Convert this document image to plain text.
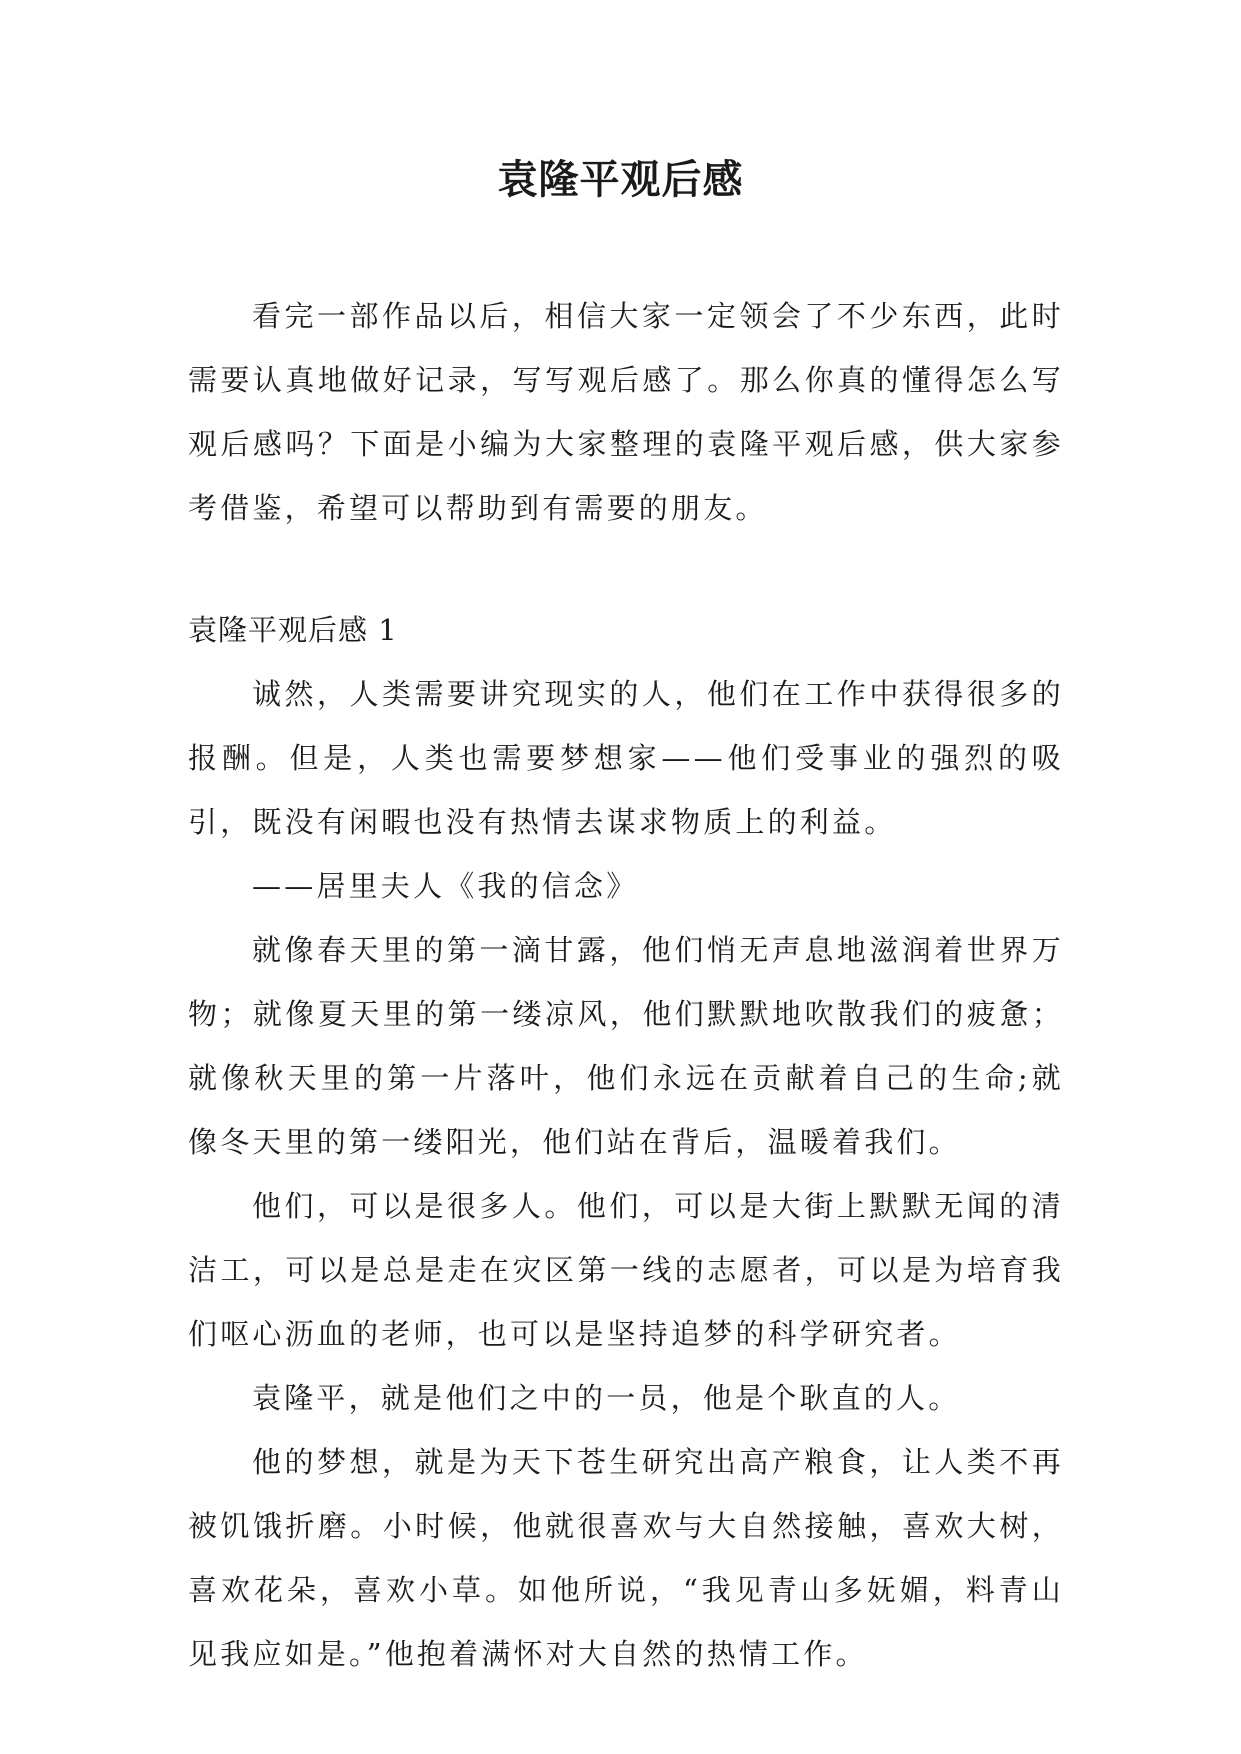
袁隆平观后感

看完一部作品以后，相信大家一定领会了不少东西，此时需要认真地做好记录，写写观后感了。那么你真的懂得怎么写观后感吗？下面是小编为大家整理的袁隆平观后感，供大家参考借鉴，希望可以帮助到有需要的朋友。

袁隆平观后感 1

诚然，人类需要讲究现实的人，他们在工作中获得很多的报酬。但是，人类也需要梦想家——他们受事业的强烈的吸引，既没有闲暇也没有热情去谋求物质上的利益。

——居里夫人《我的信念》

就像春天里的第一滴甘露，他们悄无声息地滋润着世界万物；就像夏天里的第一缕凉风，他们默默地吹散我们的疲惫；就像秋天里的第一片落叶，他们永远在贡献着自己的生命;就像冬天里的第一缕阳光，他们站在背后，温暖着我们。

他们，可以是很多人。他们，可以是大街上默默无闻的清洁工，可以是总是走在灾区第一线的志愿者，可以是为培育我们呕心沥血的老师，也可以是坚持追梦的科学研究者。

袁隆平，就是他们之中的一员，他是个耿直的人。

他的梦想，就是为天下苍生研究出高产粮食，让人类不再被饥饿折磨。小时候，他就很喜欢与大自然接触，喜欢大树，喜欢花朵，喜欢小草。如他所说，“我见青山多妩媚，料青山见我应如是。”他抱着满怀对大自然的热情工作。
